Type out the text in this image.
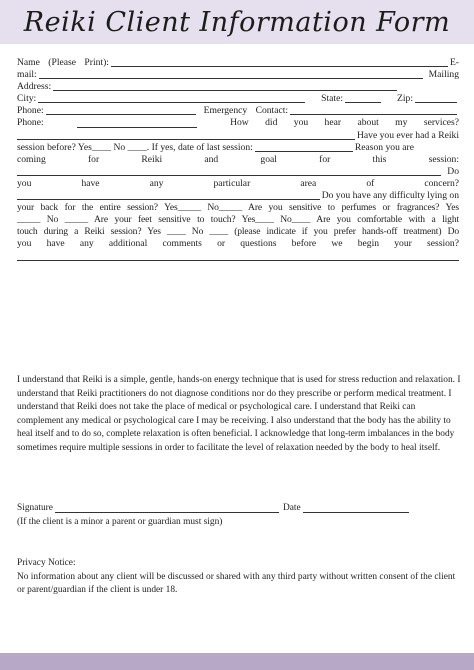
Reiki Client Information Form
Name (Please Print):	E-
mail:	Mailing
Address:
City:	State:	Zip:
Phone:	Emergency Contact:
Phone:	How did you hear about my services?
Have you ever had a Reiki
session before? Yes____ No ____. If yes, date of last session:	Reason you are
coming for Reiki and goal for this session:
Do
you have any particular area of concern?
Do you have any difficulty lying on
your back for the entire session? Yes_____ No_____ Are you sensitive to perfumes or fragrances? Yes
_____ No _____ Are your feet sensitive to touch? Yes____ No____ Are you comfortable with a light
touch during a Reiki session? Yes ____ No ____ (please indicate if you prefer hands-off treatment) Do
you have any additional comments or questions before we begin your session?
I understand that Reiki is a simple, gentle, hands-on energy technique that is used for stress reduction and relaxation. I understand that Reiki practitioners do not diagnose conditions nor do they prescribe or perform medical treatment. I understand that Reiki does not take the place of medical or psychological care. I understand that Reiki can complement any medical or psychological care I may be receiving. I also understand that the body has the ability to heal itself and to do so, complete relaxation is often beneficial. I acknowledge that long-term imbalances in the body sometimes require multiple sessions in order to facilitate the level of relaxation needed by the body to heal itself.
Signature	Date
(If the client is a minor a parent or guardian must sign)
Privacy Notice:
No information about any client will be discussed or shared with any third party without written consent of the client or parent/guardian if the client is under 18.
